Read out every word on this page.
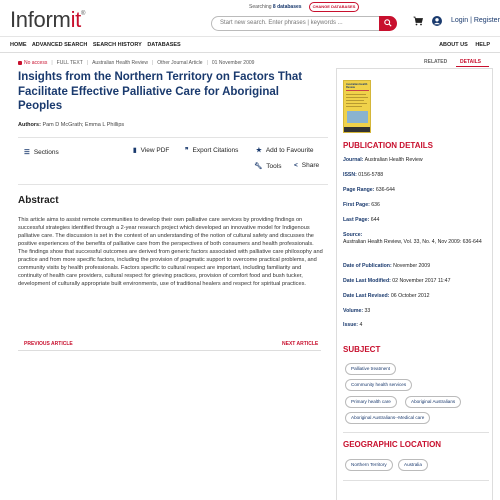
Informit®
Searching 8 databases	CHANGE DATABASES
Start new search. Enter phrases | keywords ...	Login | Register
HOME ADVANCED SEARCH SEARCH HISTORY DATABASES	ABOUT US HELP
No access | FULL TEXT | Australian Health Review | Other Journal Article | 01 November 2009
Insights from the Northern Territory on Factors That Facilitate Effective Palliative Care for Aboriginal Peoples
Authors: Pam D McGrath; Emma L Phillips
☰ Sections	▮ View PDF ❞ Export Citations	★ Add to Favourite
🔧︎ Tools < Share
Abstract
This article aims to assist remote communities to develop their own palliative care services by providing findings on successful strategies identified through a 2-year research project which developed an innovative model for Indigenous palliative care. The discussion is set in the context of an understanding of the notion of cultural safety and discusses the positive experiences of the benefits of palliative care from the perspectives of both consumers and health professionals. The findings show that successful outcomes are derived from generic factors associated with palliative care philosophy and practice and from more specific factors, including the provision of pragmatic support to overcome practical problems, and community visits by health professionals. Factors specific to cultural respect are important, including familiarity and continuity of health care providers, cultural respect for grieving practices, provision of comfort food and bush tucker, development of culturally appropriate built environments, use of traditional healers and respect for spiritual practices.
PREVIOUS ARTICLE	NEXT ARTICLE
RELATED	DETAILS
Australian Health Review
PUBLICATION DETAILS
Journal: Australian Health Review
ISSN: 0156-5788
Page Range: 636-644
First Page: 636
Last Page: 644
Source:
Australian Health Review, Vol. 33, No. 4, Nov 2009: 636-644
Date of Publication: November 2009
Date Last Modified: 02 November 2017 11:47
Date Last Revised: 06 October 2012
Volume: 33
Issue: 4
SUBJECT
Palliative treatment
Community health services
Primary health care	Aboriginal Australians
Aboriginal Australians--Medical care
GEOGRAPHIC LOCATION
Northern Territory	Australia
